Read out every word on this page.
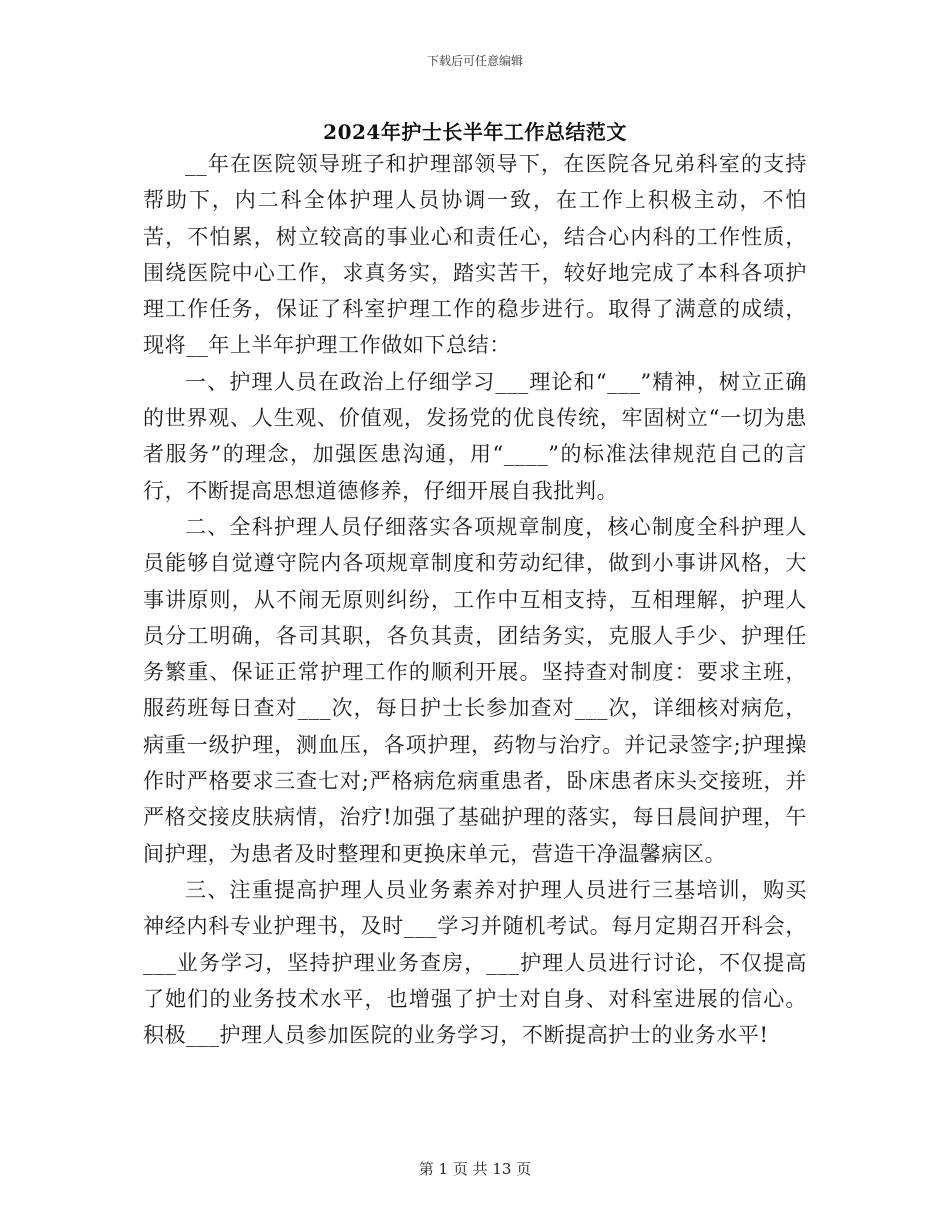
下载后可任意编辑
2024年护士长半年工作总结范文

__年在医院领导班子和护理部领导下，在医院各兄弟科室的支持帮助下，内二科全体护理人员协调一致，在工作上积极主动，不怕苦，不怕累，树立较高的事业心和责任心，结合心内科的工作性质，围绕医院中心工作，求真务实，踏实苦干，较好地完成了本科各项护理工作任务，保证了科室护理工作的稳步进行。取得了满意的成绩，现将__年上半年护理工作做如下总结：

一、护理人员在政治上仔细学习___理论和“___”精神，树立正确的世界观、人生观、价值观，发扬党的优良传统，牢固树立“一切为患者服务”的理念，加强医患沟通，用“____”的标准法律规范自己的言行，不断提高思想道德修养，仔细开展自我批判。

二、全科护理人员仔细落实各项规章制度，核心制度全科护理人员能够自觉遵守院内各项规章制度和劳动纪律，做到小事讲风格，大事讲原则，从不闹无原则纠纷，工作中互相支持，互相理解，护理人员分工明确，各司其职，各负其责，团结务实，克服人手少、护理任务繁重、保证正常护理工作的顺利开展。坚持查对制度：要求主班，服药班每日查对___次，每日护士长参加查对___次，详细核对病危，病重一级护理，测血压，各项护理，药物与治疗。并记录签字;护理操作时严格要求三查七对;严格病危病重患者，卧床患者床头交接班，并严格交接皮肤病情，治疗!加强了基础护理的落实，每日晨间护理，午间护理，为患者及时整理和更换床单元，营造干净温馨病区。

三、注重提高护理人员业务素养对护理人员进行三基培训，购买神经内科专业护理书，及时___学习并随机考试。每月定期召开科会，___业务学习，坚持护理业务查房，___护理人员进行讨论，不仅提高了她们的业务技术水平，也增强了护士对自身、对科室进展的信心。积极___护理人员参加医院的业务学习，不断提高护士的业务水平!

第 1 页 共 13 页
